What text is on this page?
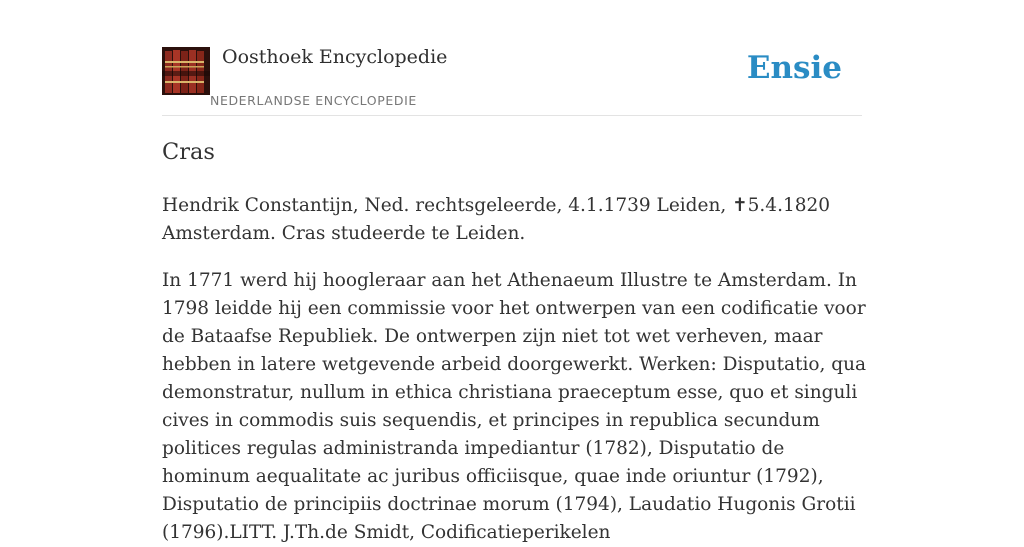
Oosthoek Encyclopedie
NEDERLANDSE ENCYCLOPEDIE
Ensie
Cras

Hendrik Constantijn, Ned. rechtsgeleerde, 4.1.1739 Leiden, ✝5.4.1820 Amsterdam. Cras studeerde te Leiden.

In 1771 werd hij hoogleraar aan het Athenaeum Illustre te Amsterdam. In 1798 leidde hij een commissie voor het ontwerpen van een codificatie voor de Bataafse Republiek. De ontwerpen zijn niet tot wet verheven, maar hebben in latere wetgevende arbeid doorgewerkt. Werken: Disputatio, qua demonstratur, nullum in ethica christiana praeceptum esse, quo et singuli cives in commodis suis sequendis, et principes in republica secundum politices regulas administranda impediantur (1782), Disputatio de hominum aequalitate ac juribus officiisque, quae inde oriuntur (1792), Disputatio de principiis doctrinae morum (1794), Laudatio Hugonis Grotii (1796).LITT. J.Th.de Smidt, Codificatieperikelen
